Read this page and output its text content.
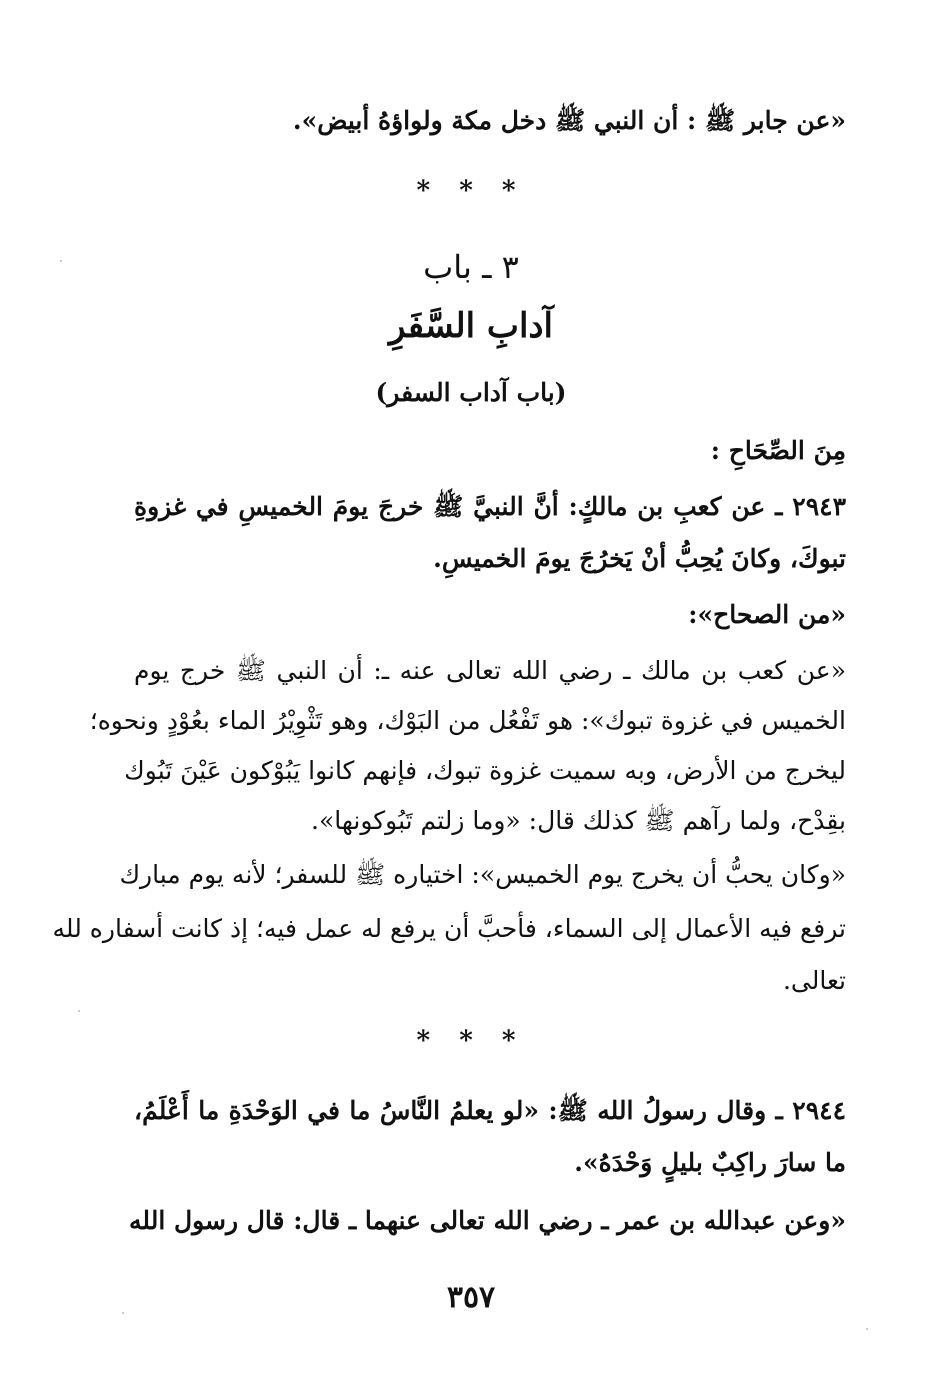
«عن جابر ﷺ : أن النبي ﷺ دخل مكة ولواؤهُ أبيض».
* * *
٣ ـ باب
آدابِ السَّفَرِ
(باب آداب السفر)
مِنَ الصِّحَاحِ :
٢٩٤٣ ـ عن كعبِ بن مالكٍ: أنَّ النبيَّ ﷺ خرجَ يومَ الخميسِ في غزوةِ
تبوكَ، وكانَ يُحِبُّ أنْ يَخرُجَ يومَ الخميسِ.
«من الصحاح»:
«عن كعب بن مالك ـ رضي الله تعالى عنه ـ: أن النبي ﷺ خرج يوم
الخميس في غزوة تبوك»: هو تَفْعُل من البَوْك، وهو تَثْوِيْرُ الماء بعُوْدٍ ونحوه؛
ليخرج من الأرض، وبه سميت غزوة تبوك، فإنهم كانوا يَبُوْكون عَيْنَ تَبُوك
بقِدْح، ولما رآهم ﷺ كذلك قال: «وما زلتم تَبُوكونها».
«وكان يحبُّ أن يخرج يوم الخميس»: اختياره ﷺ للسفر؛ لأنه يوم مبارك
ترفع فيه الأعمال إلى السماء، فأحبَّ أن يرفع له عمل فيه؛ إذ كانت أسفاره لله
تعالى.
* * *
٢٩٤٤ ـ وقال رسولُ الله ﷺ: «لو يعلمُ النَّاسُ ما في الوَحْدَةِ ما أَعْلَمُ،
ما سارَ راكِبٌ بليلٍ وَحْدَهُ».
«وعن عبدالله بن عمر ـ رضي الله تعالى عنهما ـ قال: قال رسول الله
٣٥٧
